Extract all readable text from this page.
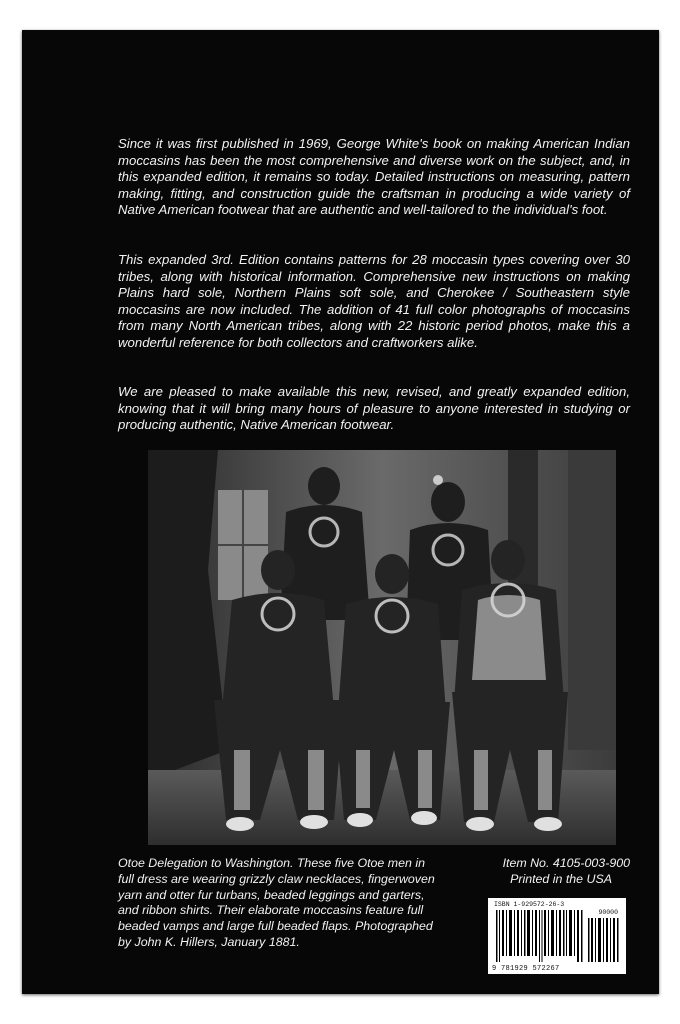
Since it was first published in 1969, George White's book on making American Indian moccasins has been the most comprehensive and diverse work on the subject, and, in this expanded edition, it remains so today. Detailed instructions on measuring, pattern making, fitting, and construction guide the craftsman in producing a wide variety of Native American footwear that are authentic and well-tailored to the individual's foot.

This expanded 3rd. Edition contains patterns for 28 moccasin types covering over 30 tribes, along with historical information. Comprehensive new instructions on making Plains hard sole, Northern Plains soft sole, and Cherokee / Southeastern style moccasins are now included. The addition of 41 full color photographs of moccasins from many North American tribes, along with 22 historic period photos, make this a wonderful reference for both collectors and craftworkers alike.

We are pleased to make available this new, revised, and greatly expanded edition, knowing that it will bring many hours of pleasure to anyone interested in studying or producing authentic, Native American footwear.

Otoe Delegation to Washington. These five Otoe men in full dress are wearing grizzly claw necklaces, fingerwoven yarn and otter fur turbans, beaded leggings and garters, and ribbon shirts. Their elaborate moccasins feature full beaded vamps and large full beaded flaps. Photographed by John K. Hillers, January 1881.

Item No. 4105-003-900
Printed in the USA
ISBN 1-929572-26-3
90000
9 781929 572267
